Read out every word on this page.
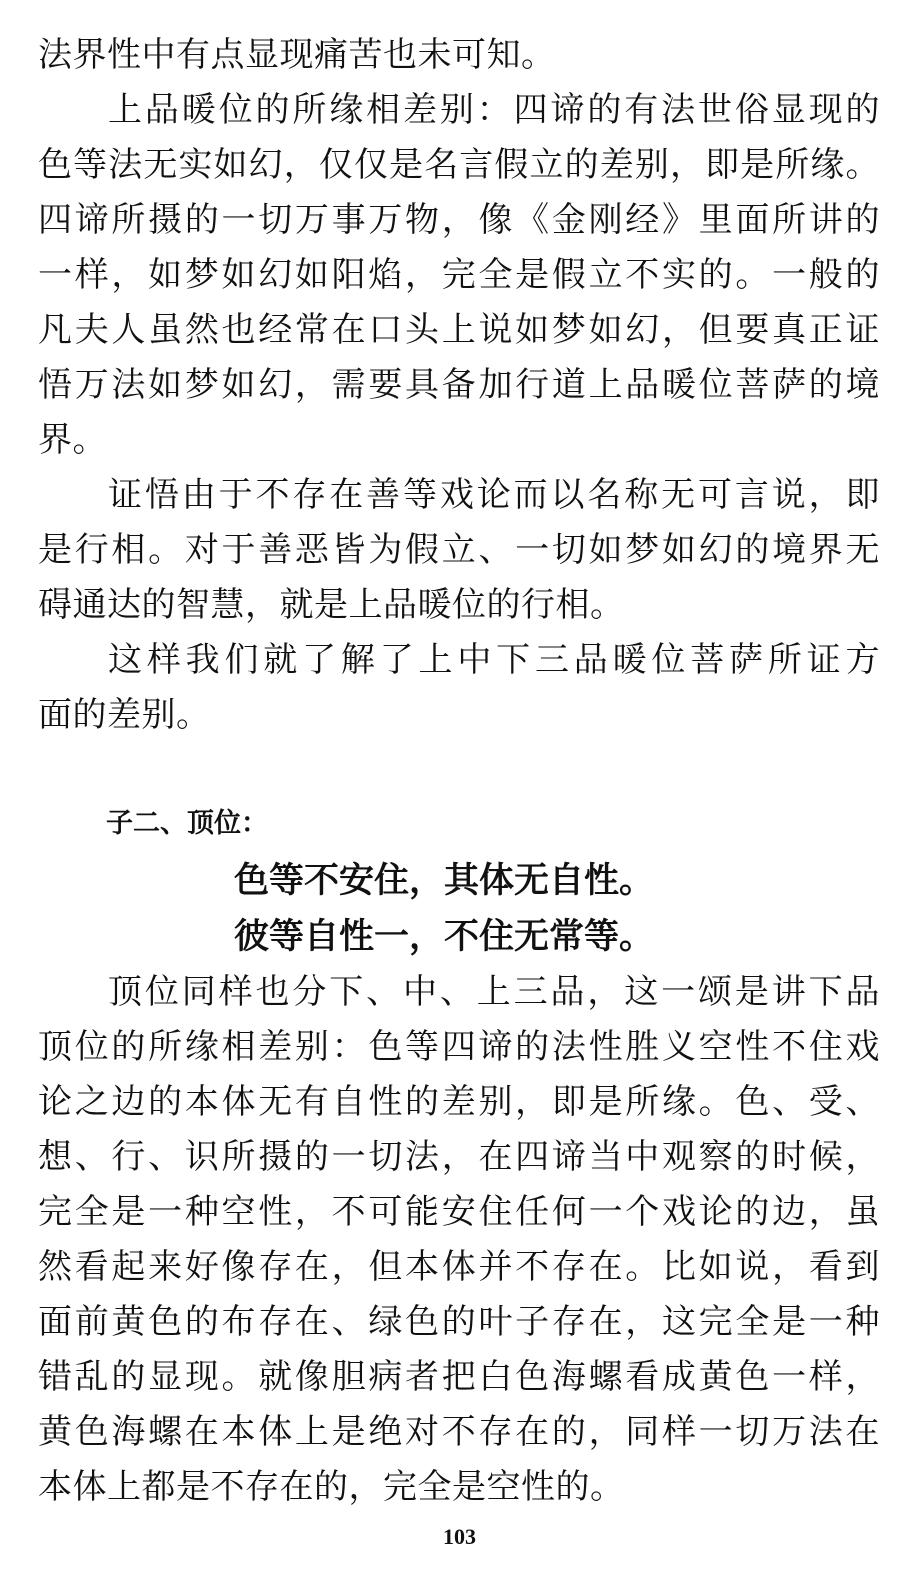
法界性中有点显现痛苦也未可知。
上品暖位的所缘相差别：四谛的有法世俗显现的
色等法无实如幻，仅仅是名言假立的差别，即是所缘。
四谛所摄的一切万事万物，像《金刚经》里面所讲的
一样，如梦如幻如阳焰，完全是假立不实的。一般的
凡夫人虽然也经常在口头上说如梦如幻，但要真正证
悟万法如梦如幻，需要具备加行道上品暖位菩萨的境
界。
证悟由于不存在善等戏论而以名称无可言说，即
是行相。对于善恶皆为假立、一切如梦如幻的境界无
碍通达的智慧，就是上品暖位的行相。
这样我们就了解了上中下三品暖位菩萨所证方
面的差别。
子二、顶位：
色等不安住，其体无自性。
彼等自性一，不住无常等。
顶位同样也分下、中、上三品，这一颂是讲下品
顶位的所缘相差别：色等四谛的法性胜义空性不住戏
论之边的本体无有自性的差别，即是所缘。色、受、
想、行、识所摄的一切法，在四谛当中观察的时候，
完全是一种空性，不可能安住任何一个戏论的边，虽
然看起来好像存在，但本体并不存在。比如说，看到
面前黄色的布存在、绿色的叶子存在，这完全是一种
错乱的显现。就像胆病者把白色海螺看成黄色一样，
黄色海螺在本体上是绝对不存在的，同样一切万法在
本体上都是不存在的，完全是空性的。
103
